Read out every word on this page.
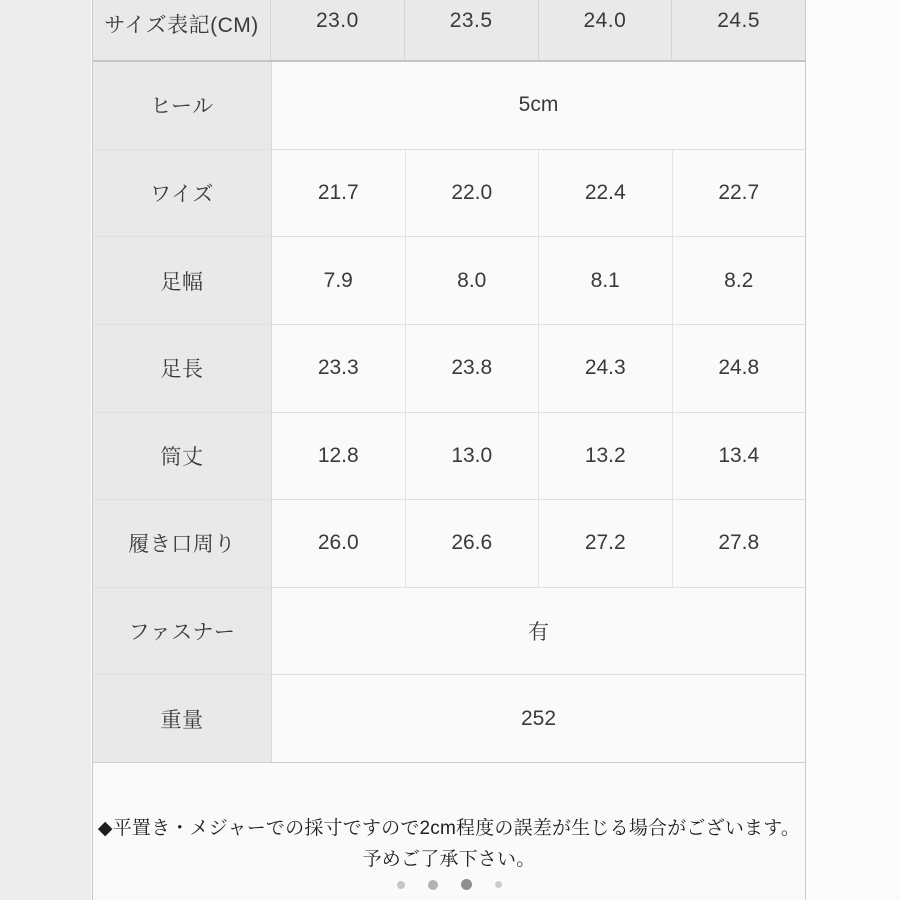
サイズ表記(CM)	23.0	23.5	24.0	24.5
ヒール	5cm
ワイズ	21.7	22.0	22.4	22.7
足幅	7.9	8.0	8.1	8.2
足長	23.3	23.8	24.3	24.8
筒丈	12.8	13.0	13.2	13.4
履き口周り	26.0	26.6	27.2	27.8
ファスナー	有
重量	252
◆平置き・メジャーでの採寸ですので2cm程度の誤差が生じる場合がございます。
予めご了承下さい。
